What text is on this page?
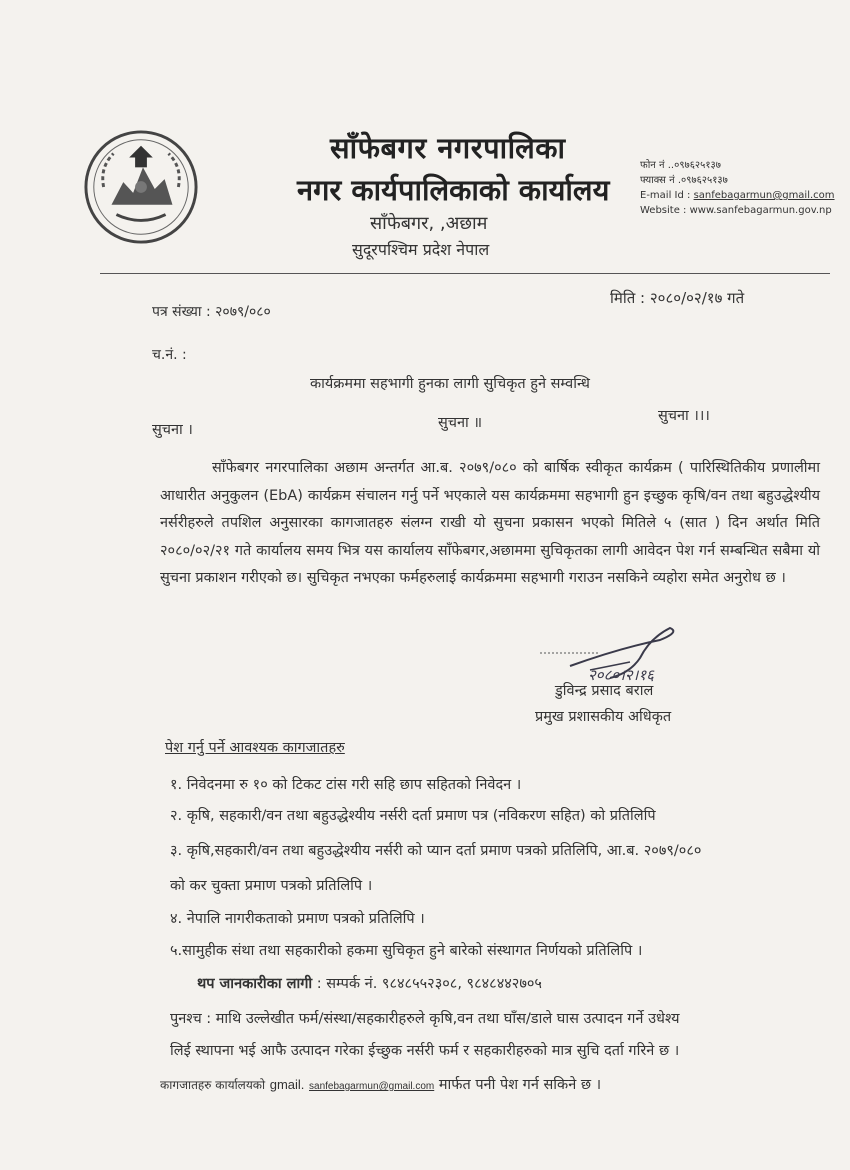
साँफेबगर नगरपालिका
नगर कार्यपालिकाको कार्यालय
साँफेबगर, ,अछाम
सुदूरपश्चिम प्रदेश नेपाल
फोन नं ..०९७६२५१३७
फ्याक्स नं .०९७६२५१३७
E-mail Id : sanfebagarmun@gmail.com
Website : www.sanfebagarmun.gov.np
पत्र संख्या : २०७९/०८०
मिति : २०८०/०२/१७ गते
च.नं. :
कार्यक्रममा सहभागी हुनका लागी सुचिकृत हुने सम्वन्धि
सुचना ।	सुचना ॥	सुचना ।।।
साँफेबगर नगरपालिका अछाम अन्तर्गत आ.ब. २०७९/०८० को बार्षिक स्वीकृत कार्यक्रम ( पारिस्थितिकीय प्रणालीमा आधारीत अनुकुलन (EbA) कार्यक्रम संचालन गर्नु पर्ने भएकाले यस कार्यक्रममा सहभागी हुन इच्छुक कृषि/वन तथा बहुउद्धेश्यीय नर्सरीहरुले तपशिल अनुसारका कागजातहरु संलग्न राखी यो सुचना प्रकासन भएको मितिले ५ (सात ) दिन अर्थात मिति २०८०/०२/२१ गते कार्यालय समय भित्र यस कार्यालय साँफेबगर,अछाममा सुचिकृतका लागी आवेदन पेश गर्न सम्बन्धित सबैमा यो सुचना प्रकाशन गरीएको छ। सुचिकृत नभएका फर्महरुलाई कार्यक्रममा सहभागी गराउन नसकिने व्यहोरा समेत अनुरोध छ ।
२०८०।२।१६
डुविन्द्र प्रसाद बराल
प्रमुख प्रशासकीय अधिकृत
पेश गर्नु पर्ने आवश्यक कागजातहरु
१. निवेदनमा रु १० को टिकट टांस गरी सहि छाप सहितको निवेदन ।
२. कृषि, सहकारी/वन तथा बहुउद्धेश्यीय नर्सरी दर्ता प्रमाण पत्र (नविकरण सहित) को प्रतिलिपि
३. कृषि,सहकारी/वन तथा बहुउद्धेश्यीय नर्सरी को प्यान दर्ता प्रमाण पत्रको प्रतिलिपि, आ.ब. २०७९/०८०
को कर चुक्ता प्रमाण पत्रको प्रतिलिपि ।
४. नेपालि नागरीकताको प्रमाण पत्रको प्रतिलिपि ।
५.सामुहीक संथा तथा सहकारीको हकमा सुचिकृत हुने बारेको संस्थागत निर्णयको प्रतिलिपि ।
थप जानकारीका लागी : सम्पर्क नं. ९८४८५५२३०८, ९८४८४४२७०५
पुनश्च : माथि उल्लेखीत फर्म/संस्था/सहकारीहरुले कृषि,वन तथा घाँस/डाले घास उत्पादन गर्ने उधेश्य
लिई स्थापना भई आफै उत्पादन गरेका ईच्छुक नर्सरी फर्म र सहकारीहरुको मात्र सुचि दर्ता गरिने छ ।
कागजातहरु कार्यालयको gmail. sanfebagarmun@gmail.com मार्फत पनी पेश गर्न सकिने छ ।
